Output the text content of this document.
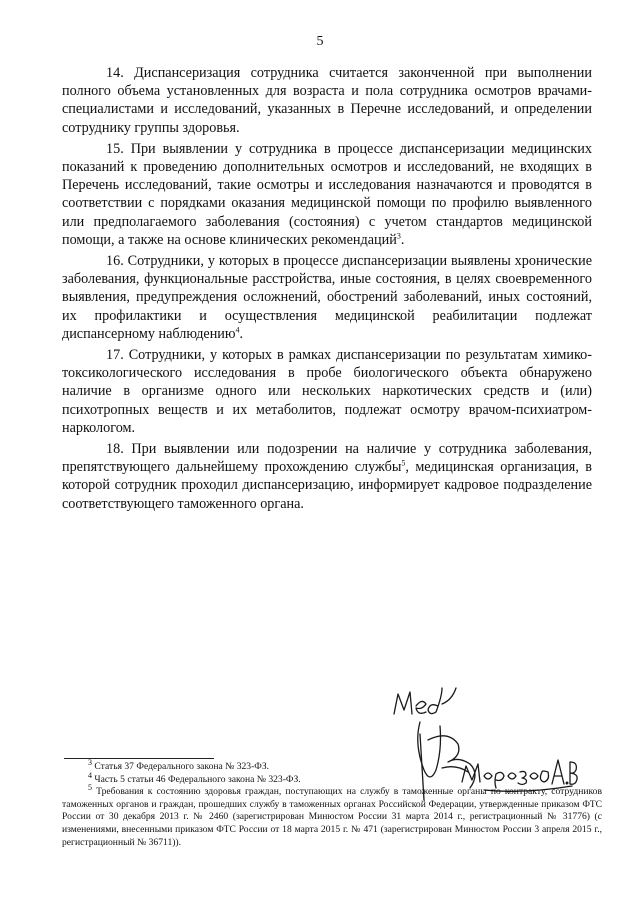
5

14. Диспансеризация сотрудника считается законченной при выполнении полного объема установленных для возраста и пола сотрудника осмотров врачами-специалистами и исследований, указанных в Перечне исследований, и определении сотруднику группы здоровья.

15. При выявлении у сотрудника в процессе диспансеризации медицинских показаний к проведению дополнительных осмотров и исследований, не входящих в Перечень исследований, такие осмотры и исследования назначаются и проводятся в соответствии с порядками оказания медицинской помощи по профилю выявленного или предполагаемого заболевания (состояния) с учетом стандартов медицинской помощи, а также на основе клинических рекомендаций$^3$.

16. Сотрудники, у которых в процессе диспансеризации выявлены хронические заболевания, функциональные расстройства, иные состояния, в целях своевременного выявления, предупреждения осложнений, обострений заболеваний, иных состояний, их профилактики и осуществления медицинской реабилитации подлежат диспансерному наблюдению$^4$.

17. Сотрудники, у которых в рамках диспансеризации по результатам химико-токсикологического исследования в пробе биологического объекта обнаружено наличие в организме одного или нескольких наркотических средств и (или) психотропных веществ и их метаболитов, подлежат осмотру врачом-психиатром-наркологом.

18. При выявлении или подозрении на наличие у сотрудника заболевания, препятствующего дальнейшему прохождению службы$^5$, медицинская организация, в которой сотрудник проходил диспансеризацию, информирует кадровое подразделение соответствующего таможенного органа.

$^3$ Статья 37 Федерального закона № 323-ФЗ.

$^4$ Часть 5 статьи 46 Федерального закона № 323-ФЗ.

$^5$ Требования к состоянию здоровья граждан, поступающих на службу в таможенные органы по контракту, сотрудников таможенных органов и граждан, прошедших службу в таможенных органах Российской Федерации, утвержденные приказом ФТС России от 30 декабря 2013 г. № 2460 (зарегистрирован Минюстом России 31 марта 2014 г., регистрационный № 31776) (с изменениями, внесенными приказом ФТС России от 18 марта 2015 г. № 471 (зарегистрирован Минюстом России 3 апреля 2015 г., регистрационный № 36711)).
